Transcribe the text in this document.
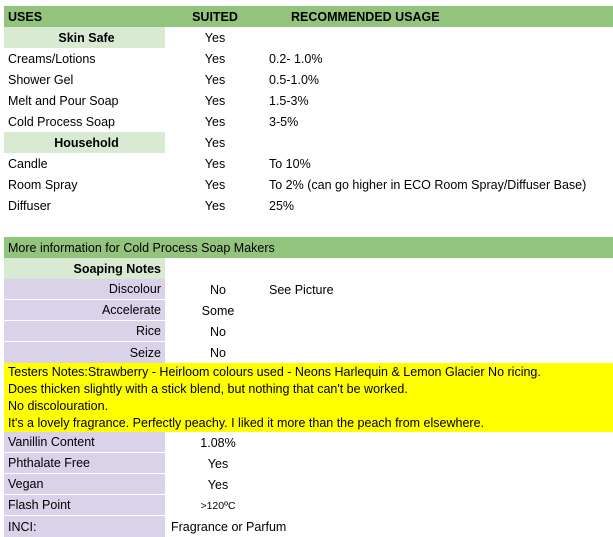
USES	SUITED	RECOMMENDED USAGE
Skin Safe	Yes
Creams/Lotions	Yes	0.2- 1.0%
Shower Gel	Yes	0.5-1.0%
Melt and Pour Soap	Yes	1.5-3%
Cold Process Soap	Yes	3-5%
Household	Yes
Candle	Yes	To 10%
Room Spray	Yes	To 2% (can go higher in ECO Room Spray/Diffuser Base)
Diffuser	Yes	25%
More information for Cold Process Soap Makers
Soaping Notes
Discolour	No	See Picture
Accelerate	Some
Rice	No
Seize	No
Testers Notes:Strawberry - Heirloom colours used - Neons Harlequin & Lemon Glacier No ricing.
Does thicken slightly with a stick blend, but nothing that can't be worked.
No discolouration.
It's a lovely fragrance. Perfectly peachy. I liked it more than the peach from elsewhere.
Vanillin Content	1.08%
Phthalate Free	Yes
Vegan	Yes
Flash Point	>120ºC
INCI:	Fragrance or Parfum
